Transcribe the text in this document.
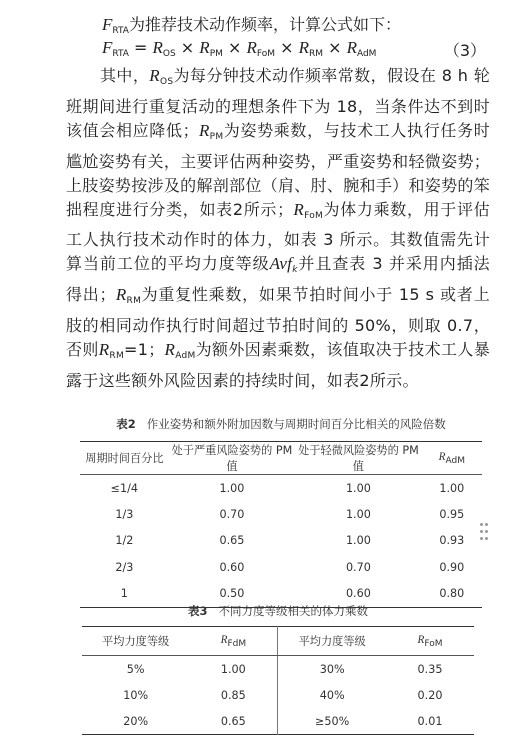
$F_{RTA}$为推荐技术动作频率，计算公式如下：
$F_{RTA} = R_{OS} \times R_{PM} \times R_{FoM} \times R_{RM} \times R_{AdM}$	（3）
其中，$R_{OS}$为每分钟技术动作频率常数，假设在 8 h 轮班期间进行重复活动的理想条件下为 18，当条件达不到时该值会相应降低；$R_{PM}$为姿势乘数，与技术工人执行任务时尴尬姿势有关，主要评估两种姿势，严重姿势和轻微姿势；上肢姿势按涉及的解剖部位（肩、肘、腕和手）和姿势的笨拙程度进行分类，如表2所示；$R_{FoM}$为体力乘数，用于评估工人执行技术动作时的体力，如表 3 所示。其数值需先计算当前工位的平均力度等级Avf$_k$并且查表 3 并采用内插法得出；$R_{RM}$为重复性乘数，如果节拍时间小于 15 s 或者上肢的相同动作执行时间超过节拍时间的 50%，则取 0.7，否则$R_{RM}=1$；$R_{AdM}$为额外因素乘数，该值取决于技术工人暴露于这些额外风险因素的持续时间，如表2所示。
表2 作业姿势和额外附加因数与周期时间百分比相关的风险倍数
周期时间百分比	处于严重风险姿势的 PM值	处于轻微风险姿势的 PM 值	$R_{AdM}$
≤1/4	1.00	1.00	1.00
1/3	0.70	1.00	0.95
1/2	0.65	1.00	0.93
2/3	0.60	0.70	0.90
1	0.50	0.60	0.80
表3 不同力度等级相关的体力乘数
平均力度等级	$R_{FdM}$	平均力度等级	$R_{FoM}$
5%	1.00	30%	0.35
10%	0.85	40%	0.20
20%	0.65	≥50%	0.01
